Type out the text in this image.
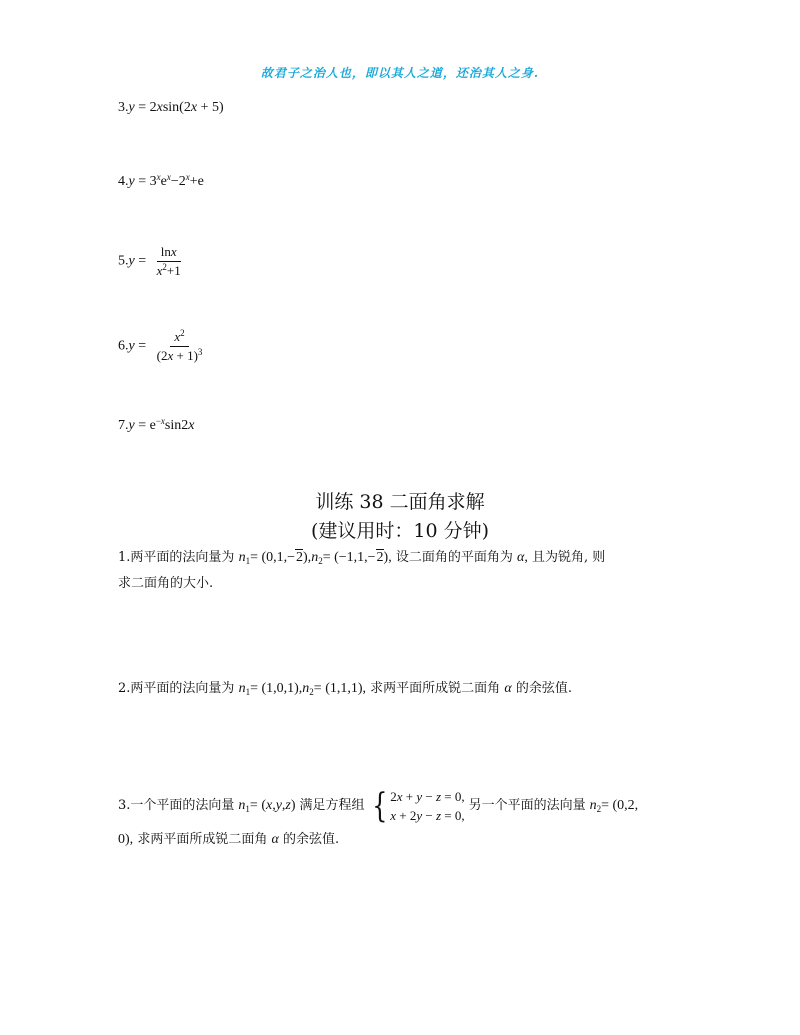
故君子之治人也，即以其人之道，还治其人之身.
3.y = 2xsin(2x + 5)
$4.y = 3^xe^x-2^x+e$
$5.y = \frac{\ln x}{x^2+1}$
$6.y = \frac{x^2}{(2x + 1)^3}$
$7.y = e^{-x}\sin 2x$
训练 38 二面角求解
(建议用时：10 分钟)
1.两平面的法向量为 $n_1= (0,1,-2),n_2= (-1,1,-2)$, 设二面角的平面角为 α, 且为锐角, 则
求二面角的大小.
2.两平面的法向量为 $n_1= (1,0,1),n_2= (1,1,1)$, 求两平面所成锐二面角 α 的余弦值.
3. 一个平面的法向量 $n_1= (x,y,z)$ 满足方程组 { 2x + y − z = 0,
x + 2y − z = 0,
另一个平面的法向量 $n_2= (0,2$,
0), 求两平面所成锐二面角 α 的余弦值.
